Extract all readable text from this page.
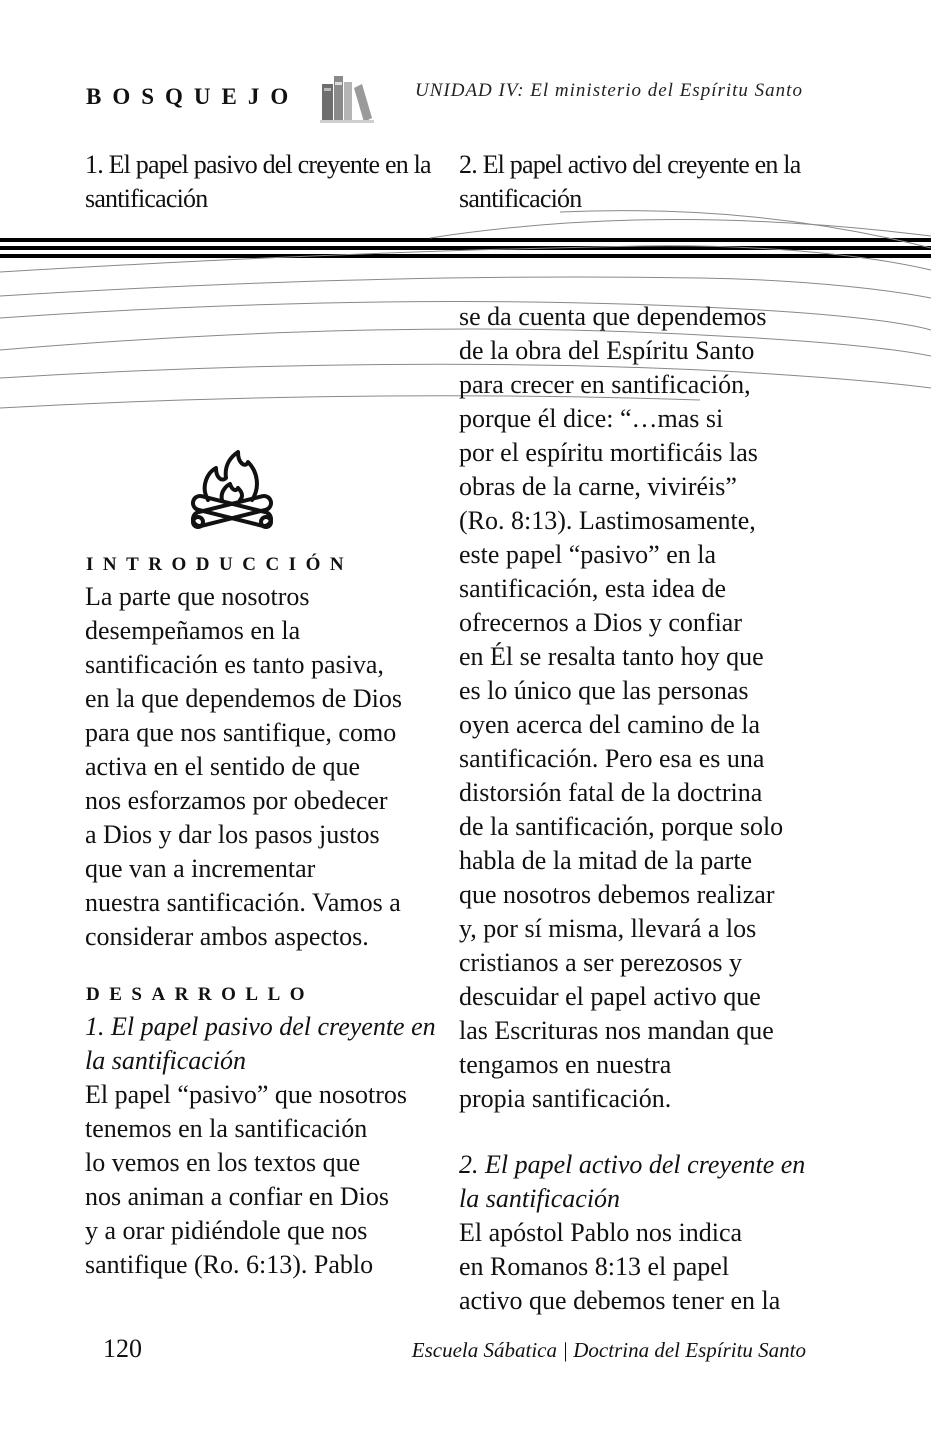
BOSQUEJO	UNIDAD IV: El ministerio del Espíritu Santo
1. El papel pasivo del creyente en la santificación
2. El papel activo del creyente en la santificación
INTRODUCCIÓN
La parte que nosotros
desempeñamos en la
santificación es tanto pasiva,
en la que dependemos de Dios
para que nos santifique, como
activa en el sentido de que
nos esforzamos por obedecer
a Dios y dar los pasos justos
que van a incrementar
nuestra santificación. Vamos a
considerar ambos aspectos.
DESARROLLO
1. El papel pasivo del creyente en
la santificación
El papel “pasivo” que nosotros
tenemos en la santificación
lo vemos en los textos que
nos animan a confiar en Dios
y a orar pidiéndole que nos
santifique (Ro. 6:13). Pablo
se da cuenta que dependemos
de la obra del Espíritu Santo
para crecer en santificación,
porque él dice: “…mas si
por el espíritu mortificáis las
obras de la carne, viviréis”
(Ro. 8:13). Lastimosamente,
este papel “pasivo” en la
santificación, esta idea de
ofrecernos a Dios y confiar
en Él se resalta tanto hoy que
es lo único que las personas
oyen acerca del camino de la
santificación. Pero esa es una
distorsión fatal de la doctrina
de la santificación, porque solo
habla de la mitad de la parte
que nosotros debemos realizar
y, por sí misma, llevará a los
cristianos a ser perezosos y
descuidar el papel activo que
las Escrituras nos mandan que
tengamos en nuestra
propia santificación.
2. El papel activo del creyente en
la santificación
El apóstol Pablo nos indica
en Romanos 8:13 el papel
activo que debemos tener en la
120	Escuela Sábatica | Doctrina del Espíritu Santo
